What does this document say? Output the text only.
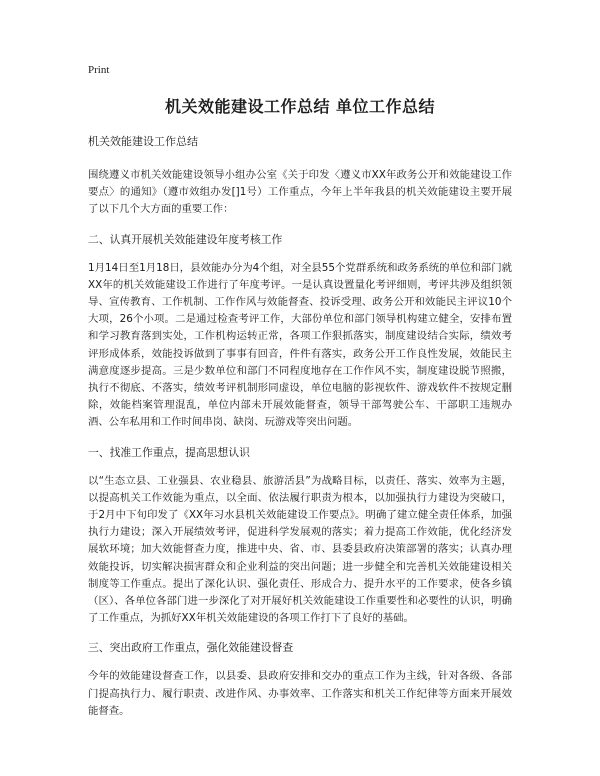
Print
机关效能建设工作总结 单位工作总结
机关效能建设工作总结

围绕遵义市机关效能建设领导小组办公室《关于印发〈遵义市XX年政务公开和效能建设工作要点〉的通知》（遵市效组办发[]1号）工作重点，今年上半年我县的机关效能建设主要开展了以下几个大方面的重要工作：

二、认真开展机关效能建设年度考核工作

1月14日至1月18日，县效能办分为4个组，对全县55个党群系统和政务系统的单位和部门就XX年的机关效能建设工作进行了年度考评。一是认真设置量化考评细则，考评共涉及组织领导、宣传教育、工作机制、工作作风与效能督查、投诉受理、政务公开和效能民主评议10个大项，26个小项。二是通过检查考评工作，大部份单位和部门领导机构建立健全，安排布置和学习教育落到实处，工作机构运转正常，各项工作狠抓落实，制度建设结合实际，绩效考评形成体系，效能投诉做到了事事有回音，件件有落实，政务公开工作良性发展，效能民主满意度逐步提高。三是少数单位和部门不同程度地存在工作作风不实，制度建设脱节照搬，执行不彻底、不落实，绩效考评机制形同虚设，单位电脑的影视软件、游戏软件不按规定删除，效能档案管理混乱，单位内部未开展效能督查，领导干部驾驶公车、干部职工违规办酒、公车私用和工作时间串岗、缺岗、玩游戏等突出问题。

一、找准工作重点，提高思想认识

以“生态立县、工业强县、农业稳县、旅游活县”为战略目标，以责任、落实、效率为主题，以提高机关工作效能为重点，以全面、依法履行职责为根本，以加强执行力建设为突破口，于2月中下旬印发了《XX年习水县机关效能建设工作要点》。明确了建立健全责任体系，加强执行力建设；深入开展绩效考评，促进科学发展观的落实；着力提高工作效能，优化经济发展软环境；加大效能督查力度，推进中央、省、市、县委县政府决策部署的落实；认真办理效能投诉，切实解决损害群众和企业利益的突出问题；进一步健全和完善机关效能建设相关制度等工作重点。提出了深化认识、强化责任、形成合力、提升水平的工作要求，使各乡镇（区）、各单位各部门进一步深化了对开展好机关效能建设工作重要性和必要性的认识，明确了工作重点，为抓好XX年机关效能建设的各项工作打下了良好的基础。

三、突出政府工作重点，强化效能建设督查

今年的效能建设督查工作，以县委、县政府安排和交办的重点工作为主线，针对各级、各部门提高执行力、履行职责、改进作风、办事效率、工作落实和机关工作纪律等方面来开展效能督查。
